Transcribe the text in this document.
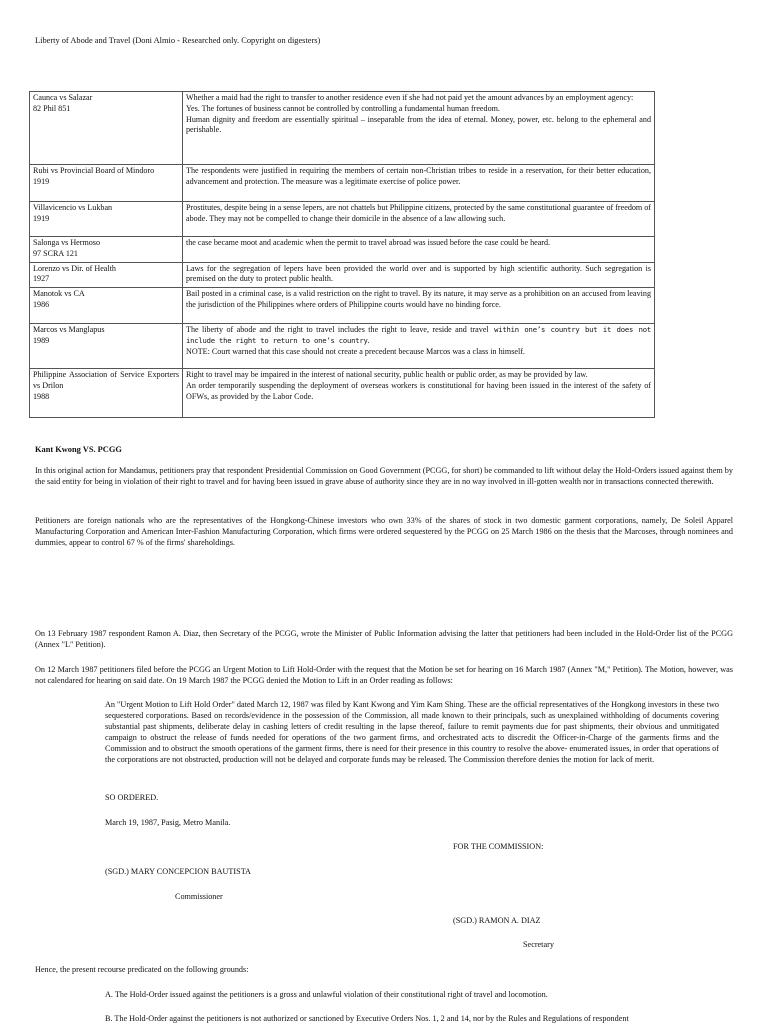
Liberty of Abode and Travel (Doni Almio - Researched only. Copyright on digesters)
Caunca vs Salazar
82 Phil 851	Whether a maid had the right to transfer to another residence even if she had not paid yet the amount advances by an employment agency:
Yes. The fortunes of business cannot be controlled by controlling a fundamental human freedom.
Human dignity and freedom are essentially spiritual – inseparable from the idea of eternal. Money, power, etc. belong to the ephemeral and perishable.

Rubi vs Provincial Board of Mindoro
1919	The respondents were justified in requiring the members of certain non-Christian tribes to reside in a reservation, for their better education, advancement and protection. The measure was a legitimate exercise of police power.

Villavicencio vs Lukban
1919	Prostitutes, despite being in a sense lepers, are not chattels but Philippine citizens, protected by the same constitutional guarantee of freedom of abode. They may not be compelled to change their domicile in the absence of a law allowing such.

Salonga vs Hermoso
97 SCRA 121	the case became moot and academic when the permit to travel abroad was issued before the case could be heard.

Lorenzo vs Dir. of Health
1927	Laws for the segregation of lepers have been provided the world over and is supported by high scientific authority. Such segregation is premised on the duty to protect public health.

Manotok vs CA
1986	Bail posted in a criminal case, is a valid restriction on the right to travel. By its nature, it may serve as a prohibition on an accused from leaving the jurisdiction of the Philippines where orders of Philippine courts would have no binding force.

Marcos vs Manglapus
1989	The liberty of abode and the right to travel includes the right to leave, reside and travel within one’s country but it does not include the right to return to one’s country.
NOTE: Court warned that this case should not create a precedent because Marcos was a class in himself.

Philippine Association of Service Exporters vs Drilon
1988	Right to travel may be impaired in the interest of national security, public health or public order, as may be provided by law.
An order temporarily suspending the deployment of overseas workers is constitutional for having been issued in the interest of the safety of OFWs, as provided by the Labor Code.
Kant Kwong VS. PCGG
In this original action for Mandamus, petitioners pray that respondent Presidential Commission on Good Government (PCGG, for short) be commanded to lift without delay the Hold-Orders issued against them by the said entity for being in violation of their right to travel and for having been issued in grave abuse of authority since they are in no way involved in ill-gotten wealth nor in transactions connected therewith.
Petitioners are foreign nationals who are the representatives of the Hongkong-Chinese investors who own 33% of the shares of stock in two domestic garment corporations, namely, De Soleil Apparel Manufacturing Corporation and American Inter-Fashion Manufacturing Corporation, which firms were ordered sequestered by the PCGG on 25 March 1986 on the thesis that the Marcoses, through nominees and dummies, appear to control 67 % of the firms' shareholdings.
On 13 February 1987 respondent Ramon A. Diaz, then Secretary of the PCGG, wrote the Minister of Public Information advising the latter that petitioners had been included in the Hold-Order list of the PCGG (Annex "L" Petition).
On 12 March 1987 petitioners filed before the PCGG an Urgent Motion to Lift Hold-Order with the request that the Motion be set for hearing on 16 March 1987 (Annex "M," Petition). The Motion, however, was not calendared for hearing on said date. On 19 March 1987 the PCGG denied the Motion to Lift in an Order reading as follows:
An "Urgent Motion to Lift Hold Order" dated March 12, 1987 was filed by Kant Kwong and Yim Kam Shing. These are the official representatives of the Hongkong investors in these two sequestered corporations. Based on records/evidence in the possession of the Commission, all made known to their principals, such as unexplained withholding of documents covering substantial past shipments, deliberate delay in cashing letters of credit resulting in the lapse thereof, failure to remit payments due for past shipments, their obvious and unmitigated campaign to obstruct the release of funds needed for operations of the two garment firms, and orchestrated acts to discredit the Officer-in-Charge of the garments firms and the Commission and to obstruct the smooth operations of the garment firms, there is need for their presence in this country to resolve the above- enumerated issues, in order that operations of the corporations are not obstructed, production will not be delayed and corporate funds may be released. The Commission therefore denies the motion for lack of merit.
SO ORDERED.
March 19, 1987, Pasig, Metro Manila.
FOR THE COMMISSION:
(SGD.) MARY CONCEPCION BAUTISTA
Commissioner
(SGD.) RAMON A. DIAZ
Secretary
Hence, the present recourse predicated on the following grounds:
A. The Hold-Order issued against the petitioners is a gross and unlawful violation of their constitutional right of travel and locomotion.
B. The Hold-Order against the petitioners is not authorized or sanctioned by Executive Orders Nos. 1, 2 and 14, nor by the Rules and Regulations of respondent
